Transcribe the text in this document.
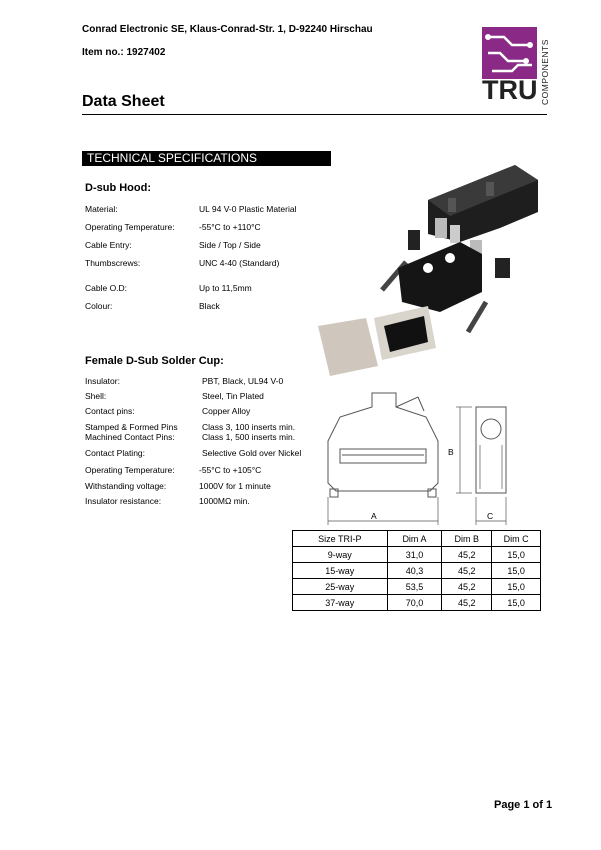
Conrad Electronic SE, Klaus-Conrad-Str. 1, D-92240 Hirschau
Item no.: 1927402
Data Sheet	TRU COMPONENTS
TECHNICAL SPECIFICATIONS
D-sub Hood:
Material:	UL 94 V-0 Plastic Material
Operating Temperature:	-55°C to +110°C
Cable Entry:	Side / Top / Side
Thumbscrews:	UNC 4-40 (Standard)
Cable O.D:	Up to 11,5mm
Colour:	Black
Female D-Sub Solder Cup:
Insulator:	PBT, Black, UL94 V-0
Shell:	Steel, Tin Plated
Contact pins:	Copper Alloy
Stamped & Formed Pins	Class 3, 100 inserts min.
Machined Contact Pins:	Class 1, 500 inserts min.
Contact Plating:	Selective Gold over Nickel
Operating Temperature:	-55°C to +105°C
Withstanding voltage:	1000V for 1 minute
Insulator resistance:	1000MΩ min.
A
B
C
Size TRI-P	Dim A	Dim B	Dim C
9-way	31,0	45,2	15,0
15-way	40,3	45,2	15,0
25-way	53,5	45,2	15,0
37-way	70,0	45,2	15,0
Page 1 of 1
